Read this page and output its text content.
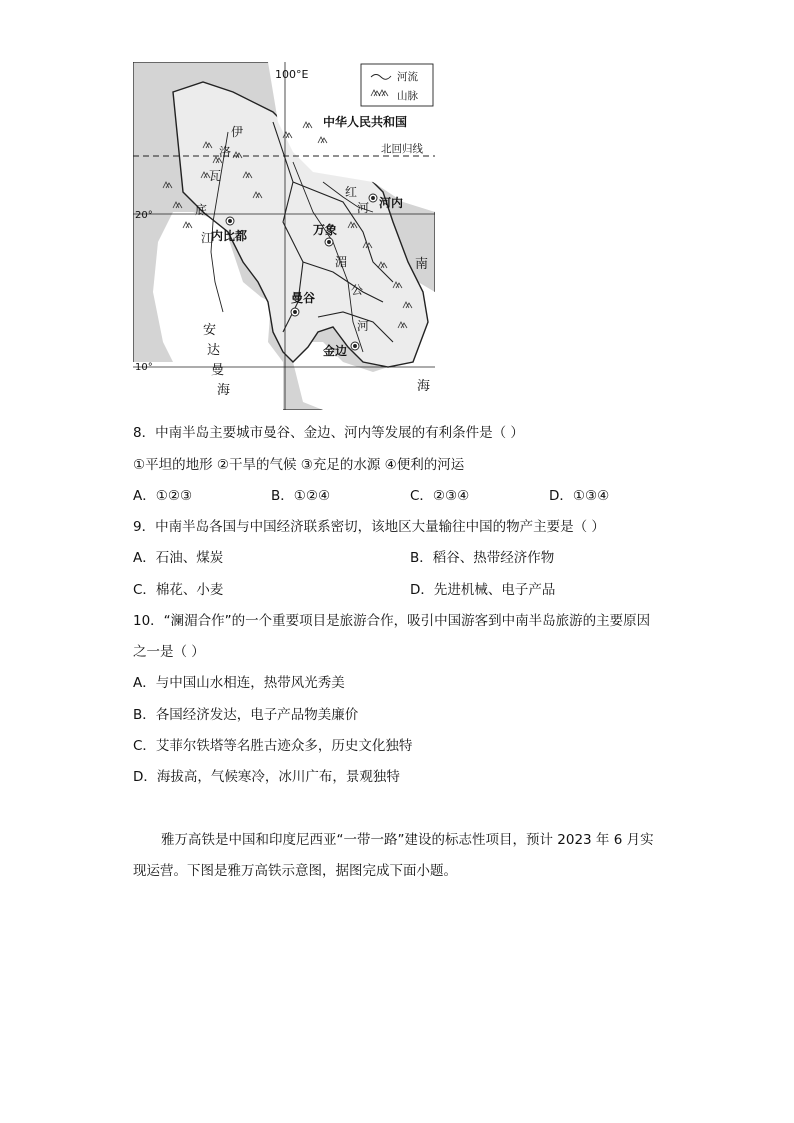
100°E
20°
10°
河流
山脉
中华人民共和国
北回归线
河内
内比都	万象
曼谷
金边
伊
洛
瓦
底
江
红
河
湄
公
河
安
达
曼
海
南
海
8．中南半岛主要城市曼谷、金边、河内等发展的有利条件是（ ）
①平坦的地形 ②干旱的气候 ③充足的水源 ④便利的河运
A．①②③	B．①②④	C．②③④	D．①③④
9．中南半岛各国与中国经济联系密切，该地区大量输往中国的物产主要是（ ）
A．石油、煤炭	B．稻谷、热带经济作物
C．棉花、小麦	D．先进机械、电子产品
10．“澜湄合作”的一个重要项目是旅游合作，吸引中国游客到中南半岛旅游的主要原因
之一是（ ）
A．与中国山水相连，热带风光秀美
B．各国经济发达，电子产品物美廉价
C．艾菲尔铁塔等名胜古迹众多，历史文化独特
D．海拔高，气候寒冷，冰川广布，景观独特
雅万高铁是中国和印度尼西亚“一带一路”建设的标志性项目，预计 2023 年 6 月实
现运营。下图是雅万高铁示意图，据图完成下面小题。
